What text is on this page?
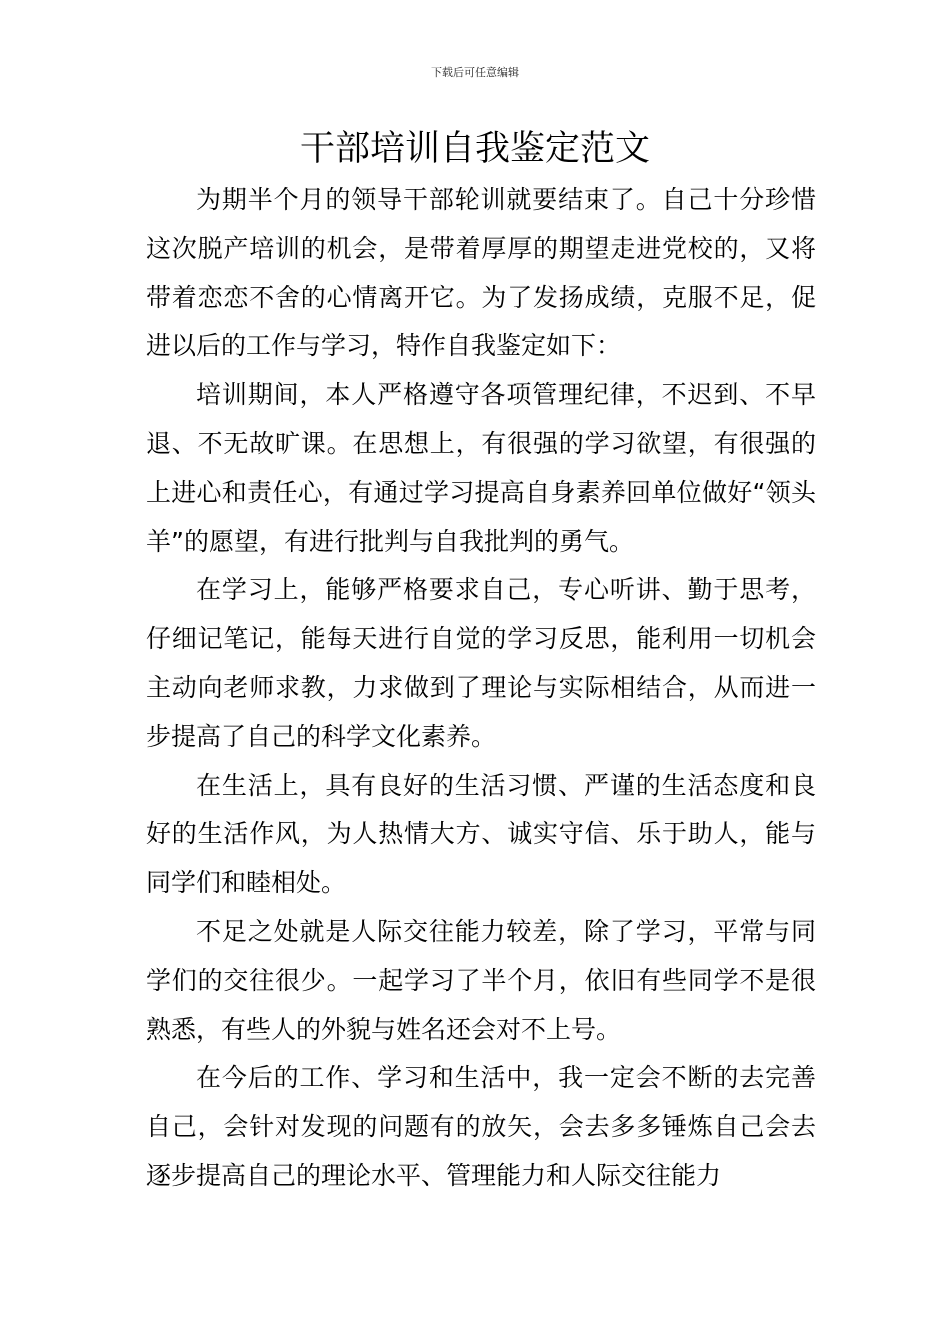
下载后可任意编辑
干部培训自我鉴定范文

为期半个月的领导干部轮训就要结束了。自己十分珍惜这次脱产培训的机会，是带着厚厚的期望走进党校的，又将带着恋恋不舍的心情离开它。为了发扬成绩，克服不足，促进以后的工作与学习，特作自我鉴定如下：

培训期间，本人严格遵守各项管理纪律，不迟到、不早退、不无故旷课。在思想上，有很强的学习欲望，有很强的上进心和责任心，有通过学习提高自身素养回单位做好“领头羊”的愿望，有进行批判与自我批判的勇气。

在学习上，能够严格要求自己，专心听讲、勤于思考，仔细记笔记，能每天进行自觉的学习反思，能利用一切机会主动向老师求教，力求做到了理论与实际相结合，从而进一步提高了自己的科学文化素养。

在生活上，具有良好的生活习惯、严谨的生活态度和良好的生活作风，为人热情大方、诚实守信、乐于助人，能与同学们和睦相处。

不足之处就是人际交往能力较差，除了学习，平常与同学们的交往很少。一起学习了半个月，依旧有些同学不是很熟悉，有些人的外貌与姓名还会对不上号。

在今后的工作、学习和生活中，我一定会不断的去完善自己，会针对发现的问题有的放矢，会去多多锤炼自己会去逐步提高自己的理论水平、管理能力和人际交往能力
